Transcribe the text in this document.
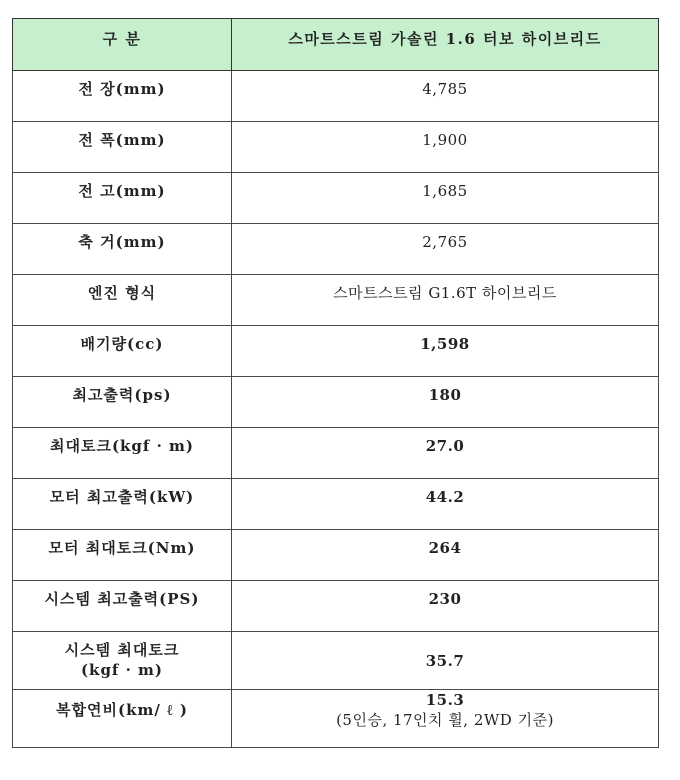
구 분	스마트스트림 가솔린 1.6 터보 하이브리드
전 장(mm)	4,785
전 폭(mm)	1,900
전 고(mm)	1,685
축 거(mm)	2,765
엔진 형식	스마트스트림 G1.6T 하이브리드
배기량(cc)	1,598
최고출력(ps)	180
최대토크(kgf · m)	27.0
모터 최고출력(kW)	44.2
모터 최대토크(Nm)	264
시스템 최고출력(PS)	230
시스템 최대토크(kgf · m)	35.7
복합연비(km/ ℓ )	15.3
(5인승, 17인치 휠, 2WD 기준)
